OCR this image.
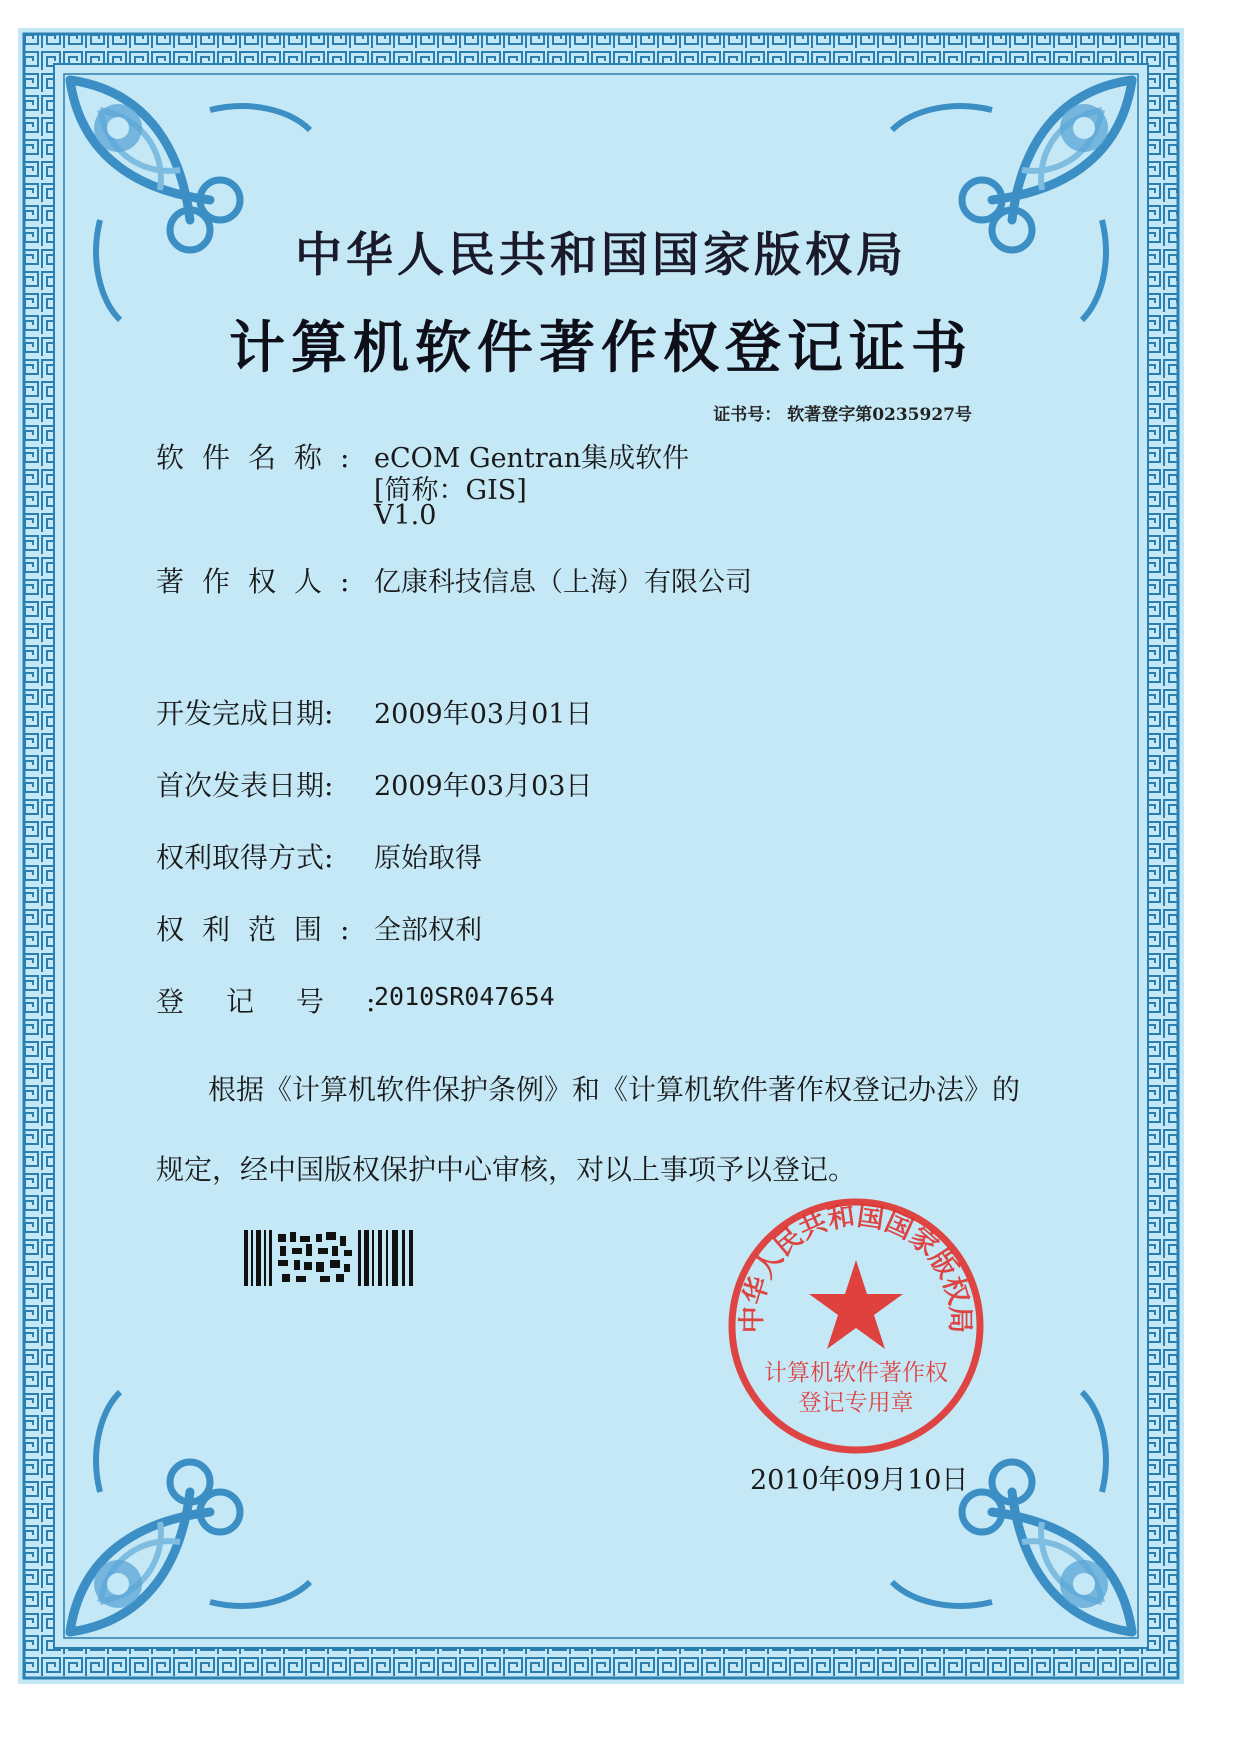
中华人民共和国国家版权局
计算机软件著作权登记证书
证书号： 软著登字第0235927号
软件名称: eCOM Gentran集成软件
[简称：GIS]
V1.0
著作权人: 亿康科技信息（上海）有限公司
开发完成日期: 2009年03月01日
首次发表日期: 2009年03月03日
权利取得方式: 原始取得
权利范围: 全部权利
登记号:
2010SR047654
根据《计算机软件保护条例》和《计算机软件著作权登记办法》的
规定，经中国版权保护中心审核，对以上事项予以登记。
中华人民共和国国家版权局
计算机软件著作权
登记专用章
2010年09月10日
